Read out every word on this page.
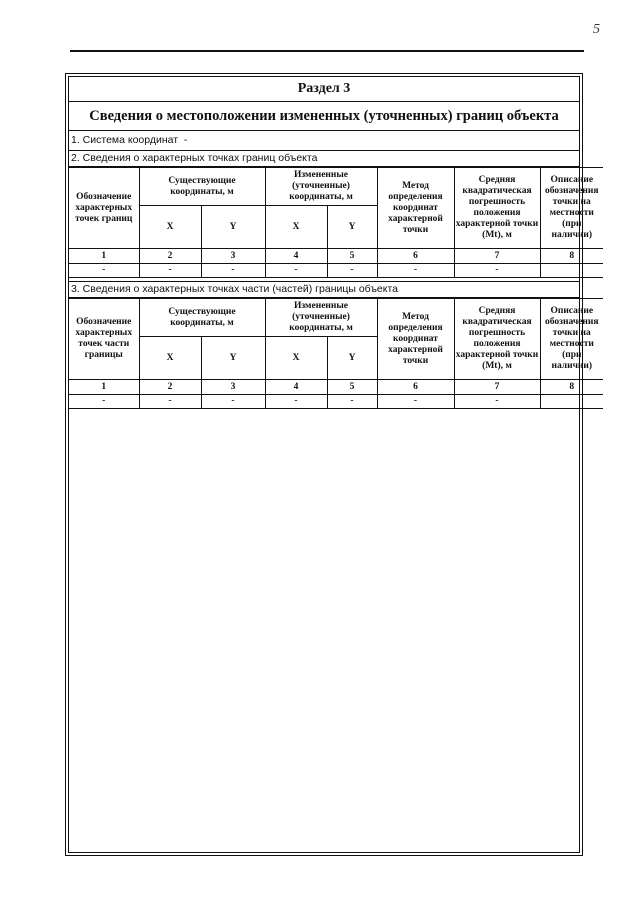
5
Раздел 3
Сведения о местоположении измененных (уточненных) границ объекта
1. Система координат -
2. Сведения о характерных точках границ объекта
Обозначение характерных точек границ	Существующие координаты, м		Измененные (уточненные) координаты, м		Метод определения координат характерной точки	Средняя квадратическая погрешность положения характерной точки (Mt), м	Описание обозначения точки на местности (при наличии)
	X	Y	X	Y			
1	2	3	4	5	6	7	8
-	-	-	-	-	-	-	
3. Сведения о характерных точках части (частей) границы объекта
Обозначение характерных точек части границы	Существующие координаты, м		Измененные (уточненные) координаты, м		Метод определения координат характерной точки	Средняя квадратическая погрешность положения характерной точки (Mt), м	Описание обозначения точки на местности (при наличии)
	X	Y	X	Y			
1	2	3	4	5	6	7	8
-	-	-	-	-	-	-	
